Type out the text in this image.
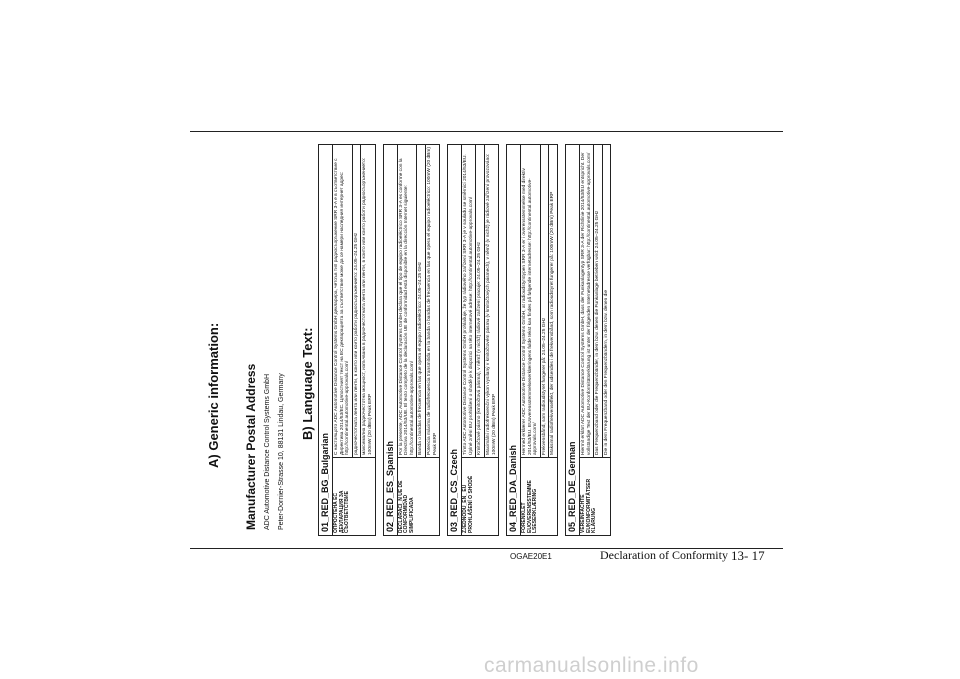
A) Generic information: Manufacturer Postal Address ADC Automotive Distance Control Systems GmbH Peter-Dornier-Strasse 10, 88131 Lindau, Germany B) Language Text:
01_RED_BG_Bulgarian	
ОПРОСТЕНА ЕС ДЕКЛАРАЦИЯ ЗА СЪОТВЕТСТВИЕ	С настоящото ADC Automotive Distance Control Systems GmbH декларира, четоъв тип радиосъоръжение SRR 3-A е в съответствие с Директива 2014/53/ЕС. Цялостният текст на ЕС декларацията за съответствие може да се намери наследния интернет адрес: http://continental.automotive-approvals.com/
	радиочестотната лента или ленти, в които или които работи радиосъоръжението: 24.05–24.25 GHz
	максимална радиочестотна мощност, излъчвана в радиочестотната лента или ленти, в които или които работи радиосъоръжението: 100mW (20 dBm) Peak ERP

02_RED_ES_Spanish	
DECLARACI_N UE DE CONFORMIDAD SIMPLIFICADA	Por la presente, ADC Automotive Distance Control Systems GmbH declara que el tipo de equipo radioeléctrico SRR 3-A es conforme con la Directiva 2014/53/UE. El texto completo de la declaración UE de conformidad está disponible en la dirección Internet siguiente: http://continental.automotive-approvals.com/
	Banda o bandas de frecuencia en las que opera el equipo radioeléctrico: 24.05–24.25 GHz
	Potencia máxima de radiofrecuencia transmitida en la banda o bandas de frecuencia en las que opera el equipo radioeléctrico: 100mW (20 dBm) Peak ERP

03_RED_CS_Czech	
ZJEDNODU_EN_ EU PROHLÁŠENÍ O SHODĚ	Tímto ADC Automotive Distance Control Systems GmbH prohlašuje, že typ rádiového zařízení SRR 3-A je v souladu se směrnicí 2014/53/EU. Úplné znění EU prohlášení o shodě je k dispozici na této internetové adrese: http://continental.automotive-approvals.com/
	Kmitočtové pásmo (kmitočtová pásma), v němž (v nichž) rádiové zařízení pracuje: 24.05–24.25 GHz
	Maximální radiofrekvenční výkon vysílaný v kmitočtovém pásmu (v kmitočtových pásmech), v němž (v nichž) je rádiové zařízení provozováno: 100mW (20 dBm) Peak ERP

04_RED_DA_Danish	
FORENKLET EUOVERENSSTEMME LSESERKLÆRING	Hermed erklærer ADC Automotive Distance Control Systems GmbH, at radioudstyrstypen SRR 3-A er i overensstemmelse med direktiv 2014/53/EU. EUoverensstemmelseserklæringens fulde tekst kan findes på følgende internetadresse: http://continental.automotive-approvals.com/
	Frekvensbånd, som radioudstyret fungerer på: 24.05–24.25 GHz
	Maksimal radiofrekvenseffekt, der udsendes i de frekvensbånd, som radioudstyret fungerer på: 100mW (20 dBm) Peak ERP

05_RED_DE_German	
VEREINFACHTE EUKONFORMITÄTSER KLÄRUNG	Hiermit erklärt ADC Automotive Distance Control Systems GmbH, dass der Funkanlagentyp SRR 3-A der Richtlinie 2014/53/EU entspricht. Der vollständige Text der EU-Konformitätserklärung ist unter der folgenden Internetadresse verfügbar: http://continental.automotive-approvals.com/
	Das Frequenzband oder die Frequenzbänder, in dem bzw. denen die Funkanlage betrieben wird: 24.05–24.25 GHz
	Die in dem Frequenzband oder den Frequenzbändern, in dem bzw. denen die
OGAE20E1	Declaration of Conformity 13- 17
carmanualsonline.info
